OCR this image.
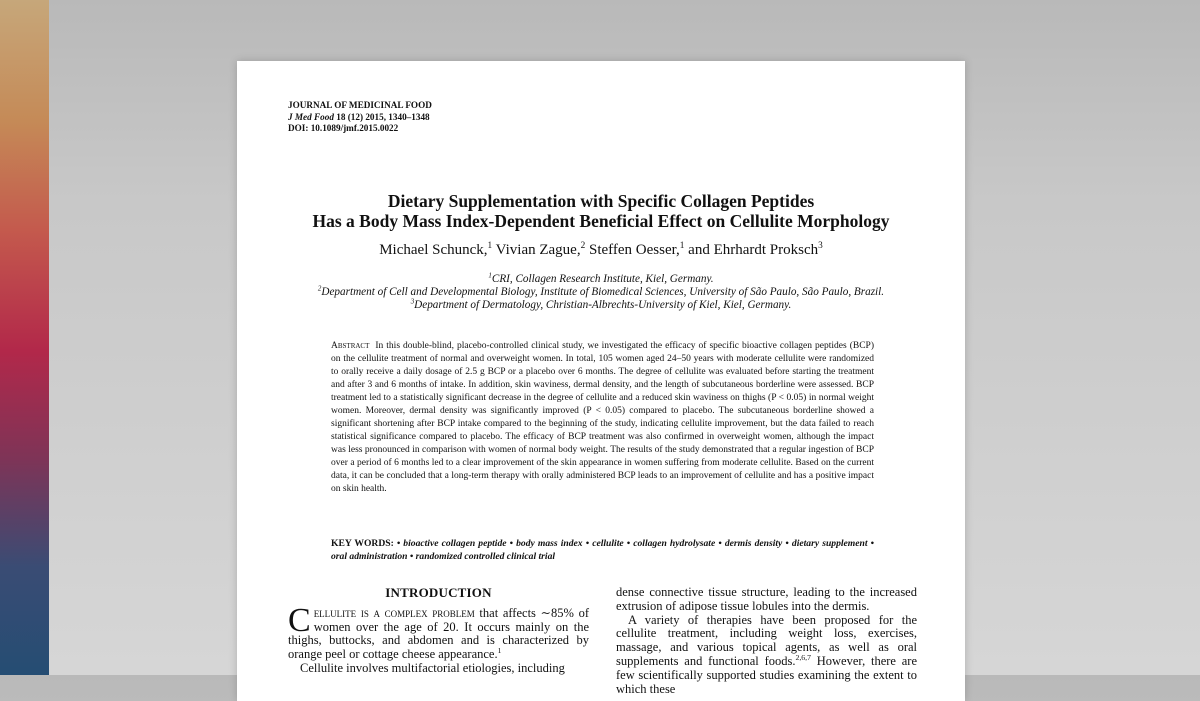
JOURNAL OF MEDICINAL FOOD
J Med Food 18 (12) 2015, 1340–1348
DOI: 10.1089/jmf.2015.0022
Dietary Supplementation with Specific Collagen Peptides
Has a Body Mass Index-Dependent Beneficial Effect on Cellulite Morphology
Michael Schunck,$^1$ Vivian Zague,$^2$ Steffen Oesser,$^1$ and Ehrhardt Proksch$^3$
$^1$CRI, Collagen Research Institute, Kiel, Germany.
$^2$Department of Cell and Developmental Biology, Institute of Biomedical Sciences, University of São Paulo, São Paulo, Brazil.
$^3$Department of Dermatology, Christian-Albrechts-University of Kiel, Kiel, Germany.
Abstract In this double-blind, placebo-controlled clinical study, we investigated the efficacy of specific bioactive collagen peptides (BCP) on the cellulite treatment of normal and overweight women. In total, 105 women aged 24–50 years with moderate cellulite were randomized to orally receive a daily dosage of 2.5 g BCP or a placebo over 6 months. The degree of cellulite was evaluated before starting the treatment and after 3 and 6 months of intake. In addition, skin waviness, dermal density, and the length of subcutaneous borderline were assessed. BCP treatment led to a statistically significant decrease in the degree of cellulite and a reduced skin waviness on thighs (P < 0.05) in normal weight women. Moreover, dermal density was significantly improved (P < 0.05) compared to placebo. The subcutaneous borderline showed a significant shortening after BCP intake compared to the beginning of the study, indicating cellulite improvement, but the data failed to reach statistical significance compared to placebo. The efficacy of BCP treatment was also confirmed in overweight women, although the impact was less pronounced in comparison with women of normal body weight. The results of the study demonstrated that a regular ingestion of BCP over a period of 6 months led to a clear improvement of the skin appearance in women suffering from moderate cellulite. Based on the current data, it can be concluded that a long-term therapy with orally administered BCP leads to an improvement of cellulite and has a positive impact on skin health.
KEY WORDS: • bioactive collagen peptide • body mass index • cellulite • collagen hydrolysate • dermis density • dietary supplement • oral administration • randomized controlled clinical trial
INTRODUCTION
Cellulite is a complex problem that affects ∼85% of women over the age of 20. It occurs mainly on the thighs, buttocks, and abdomen and is characterized by orange peel or cottage cheese appearance.$^1$
Cellulite involves multifactorial etiologies, including
dense connective tissue structure, leading to the increased extrusion of adipose tissue lobules into the dermis.
A variety of therapies have been proposed for the cellulite treatment, including weight loss, exercises, massage, and various topical agents, as well as oral supplements and functional foods.$^{2,6,7}$ However, there are few scientifically supported studies examining the extent to which these
